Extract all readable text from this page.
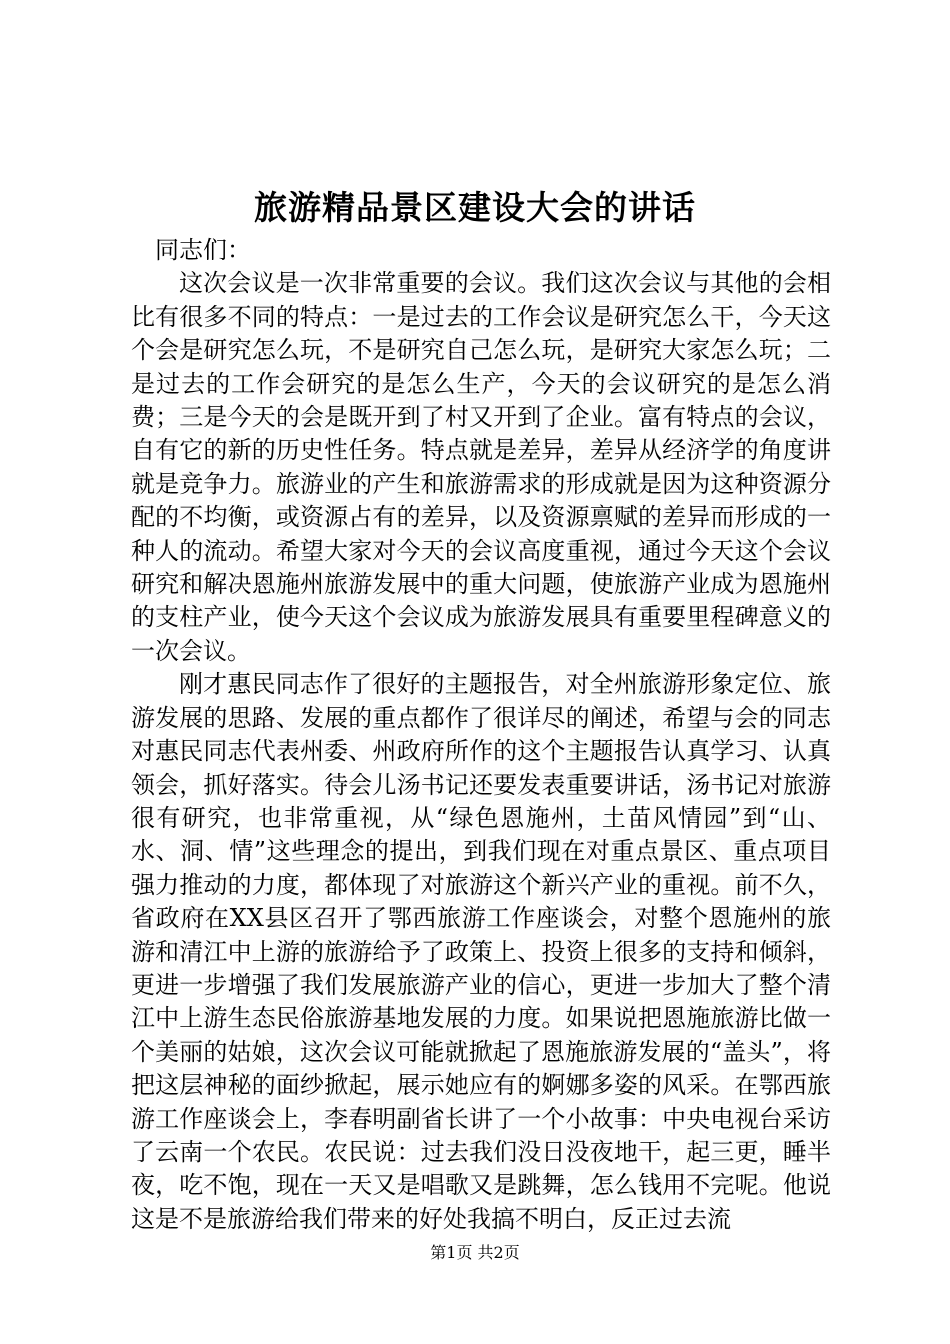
旅游精品景区建设大会的讲话

同志们：

这次会议是一次非常重要的会议。我们这次会议与其他的会相比有很多不同的特点：一是过去的工作会议是研究怎么干，今天这个会是研究怎么玩，不是研究自己怎么玩，是研究大家怎么玩；二是过去的工作会研究的是怎么生产，今天的会议研究的是怎么消费；三是今天的会是既开到了村又开到了企业。富有特点的会议，自有它的新的历史性任务。特点就是差异，差异从经济学的角度讲就是竞争力。旅游业的产生和旅游需求的形成就是因为这种资源分配的不均衡，或资源占有的差异，以及资源禀赋的差异而形成的一种人的流动。希望大家对今天的会议高度重视，通过今天这个会议研究和解决恩施州旅游发展中的重大问题，使旅游产业成为恩施州的支柱产业，使今天这个会议成为旅游发展具有重要里程碑意义的一次会议。

刚才惠民同志作了很好的主题报告，对全州旅游形象定位、旅游发展的思路、发展的重点都作了很详尽的阐述，希望与会的同志对惠民同志代表州委、州政府所作的这个主题报告认真学习、认真领会，抓好落实。待会儿汤书记还要发表重要讲话，汤书记对旅游很有研究，也非常重视，从“绿色恩施州，土苗风情园”到“山、水、洞、情”这些理念的提出，到我们现在对重点景区、重点项目强力推动的力度，都体现了对旅游这个新兴产业的重视。前不久，省政府在XX县区召开了鄂西旅游工作座谈会，对整个恩施州的旅游和清江中上游的旅游给予了政策上、投资上很多的支持和倾斜，更进一步增强了我们发展旅游产业的信心，更进一步加大了整个清江中上游生态民俗旅游基地发展的力度。如果说把恩施旅游比做一个美丽的姑娘，这次会议可能就掀起了恩施旅游发展的“盖头”，将把这层神秘的面纱掀起，展示她应有的婀娜多姿的风采。在鄂西旅游工作座谈会上，李春明副省长讲了一个小故事：中央电视台采访了云南一个农民。农民说：过去我们没日没夜地干，起三更，睡半夜，吃不饱，现在一天又是唱歌又是跳舞，怎么钱用不完呢。他说这是不是旅游给我们带来的好处我搞不明白，反正过去流

第1页 共2页
